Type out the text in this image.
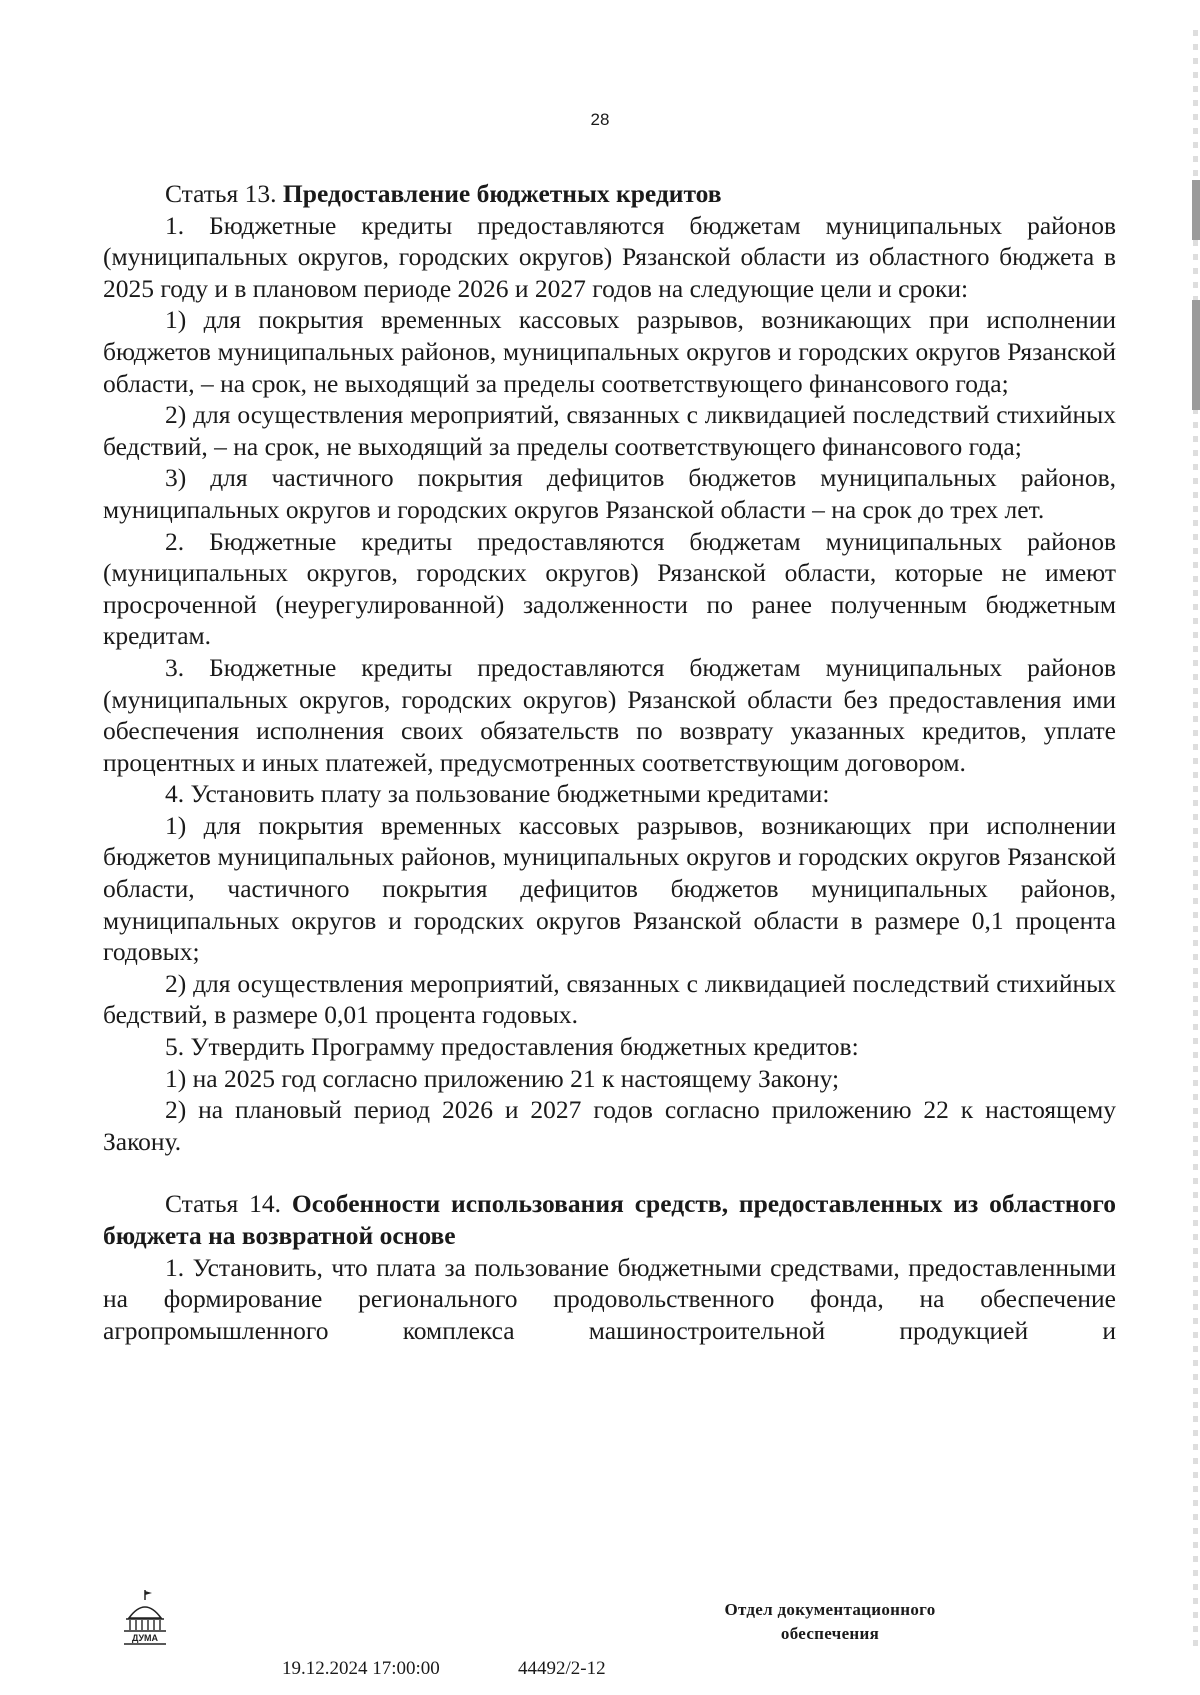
28
Статья 13. Предоставление бюджетных кредитов

1. Бюджетные кредиты предоставляются бюджетам муниципальных районов (муниципальных округов, городских округов) Рязанской области из областного бюджета в 2025 году и в плановом периоде 2026 и 2027 годов на следующие цели и сроки:

1) для покрытия временных кассовых разрывов, возникающих при исполнении бюджетов муниципальных районов, муниципальных округов и городских округов Рязанской области, – на срок, не выходящий за пределы соответствующего финансового года;

2) для осуществления мероприятий, связанных с ликвидацией последствий стихийных бедствий, – на срок, не выходящий за пределы соответствующего финансового года;

3) для частичного покрытия дефицитов бюджетов муниципальных районов, муниципальных округов и городских округов Рязанской области – на срок до трех лет.

2. Бюджетные кредиты предоставляются бюджетам муниципальных районов (муниципальных округов, городских округов) Рязанской области, которые не имеют просроченной (неурегулированной) задолженности по ранее полученным бюджетным кредитам.

3. Бюджетные кредиты предоставляются бюджетам муниципальных районов (муниципальных округов, городских округов) Рязанской области без предоставления ими обеспечения исполнения своих обязательств по возврату указанных кредитов, уплате процентных и иных платежей, предусмотренных соответствующим договором.

4. Установить плату за пользование бюджетными кредитами:

1) для покрытия временных кассовых разрывов, возникающих при исполнении бюджетов муниципальных районов, муниципальных округов и городских округов Рязанской области, частичного покрытия дефицитов бюджетов муниципальных районов, муниципальных округов и городских округов Рязанской области в размере 0,1 процента годовых;

2) для осуществления мероприятий, связанных с ликвидацией последствий стихийных бедствий, в размере 0,01 процента годовых.

5. Утвердить Программу предоставления бюджетных кредитов:

1) на 2025 год согласно приложению 21 к настоящему Закону;

2) на плановый период 2026 и 2027 годов согласно приложению 22 к настоящему Закону.

Статья 14. Особенности использования средств, предоставленных из областного бюджета на возвратной основе

1. Установить, что плата за пользование бюджетными средствами, предоставленными на формирование регионального продовольственного фонда, на обеспечение агропромышленного комплекса машиностроительной продукцией и

ДУМА
19.12.2024 17:00:00	44492/2-12
Отдел документационного обеспечения
